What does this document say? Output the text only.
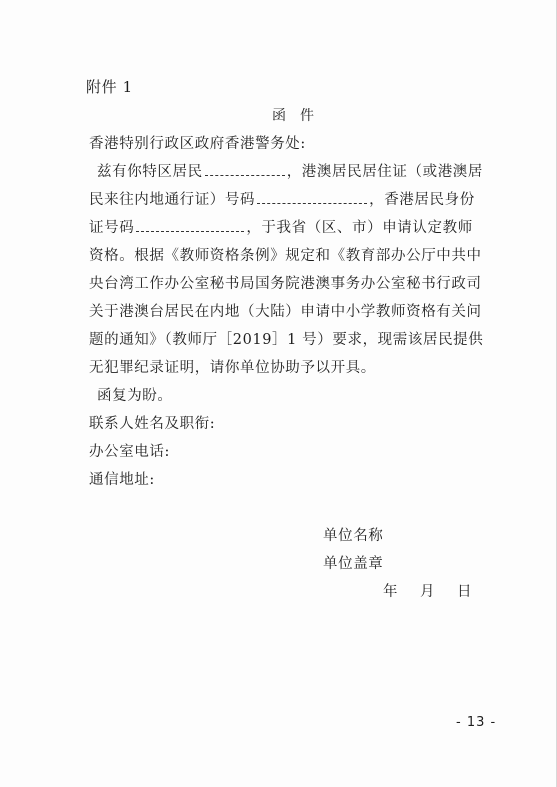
附件 1
函件
香港特别行政区政府香港警务处:
兹有你特区居民	，港澳居民居住证（或港澳居
民来往内地通行证）号码	，香港居民身份
证号码	，于我省（区、市）申请认定教师
资格。根据《教师资格条例》规定和《教育部办公厅中共中
央台湾工作办公室秘书局国务院港澳事务办公室秘书行政司
关于港澳台居民在内地（大陆）申请中小学教师资格有关问
题的通知》（教师厅［2019］1 号）要求，现需该居民提供
无犯罪纪录证明，请你单位协助予以开具。
函复为盼。
联系人姓名及职衔:
办公室电话:
通信地址:
单位名称
单位盖章
年　月　日
- 13 -
